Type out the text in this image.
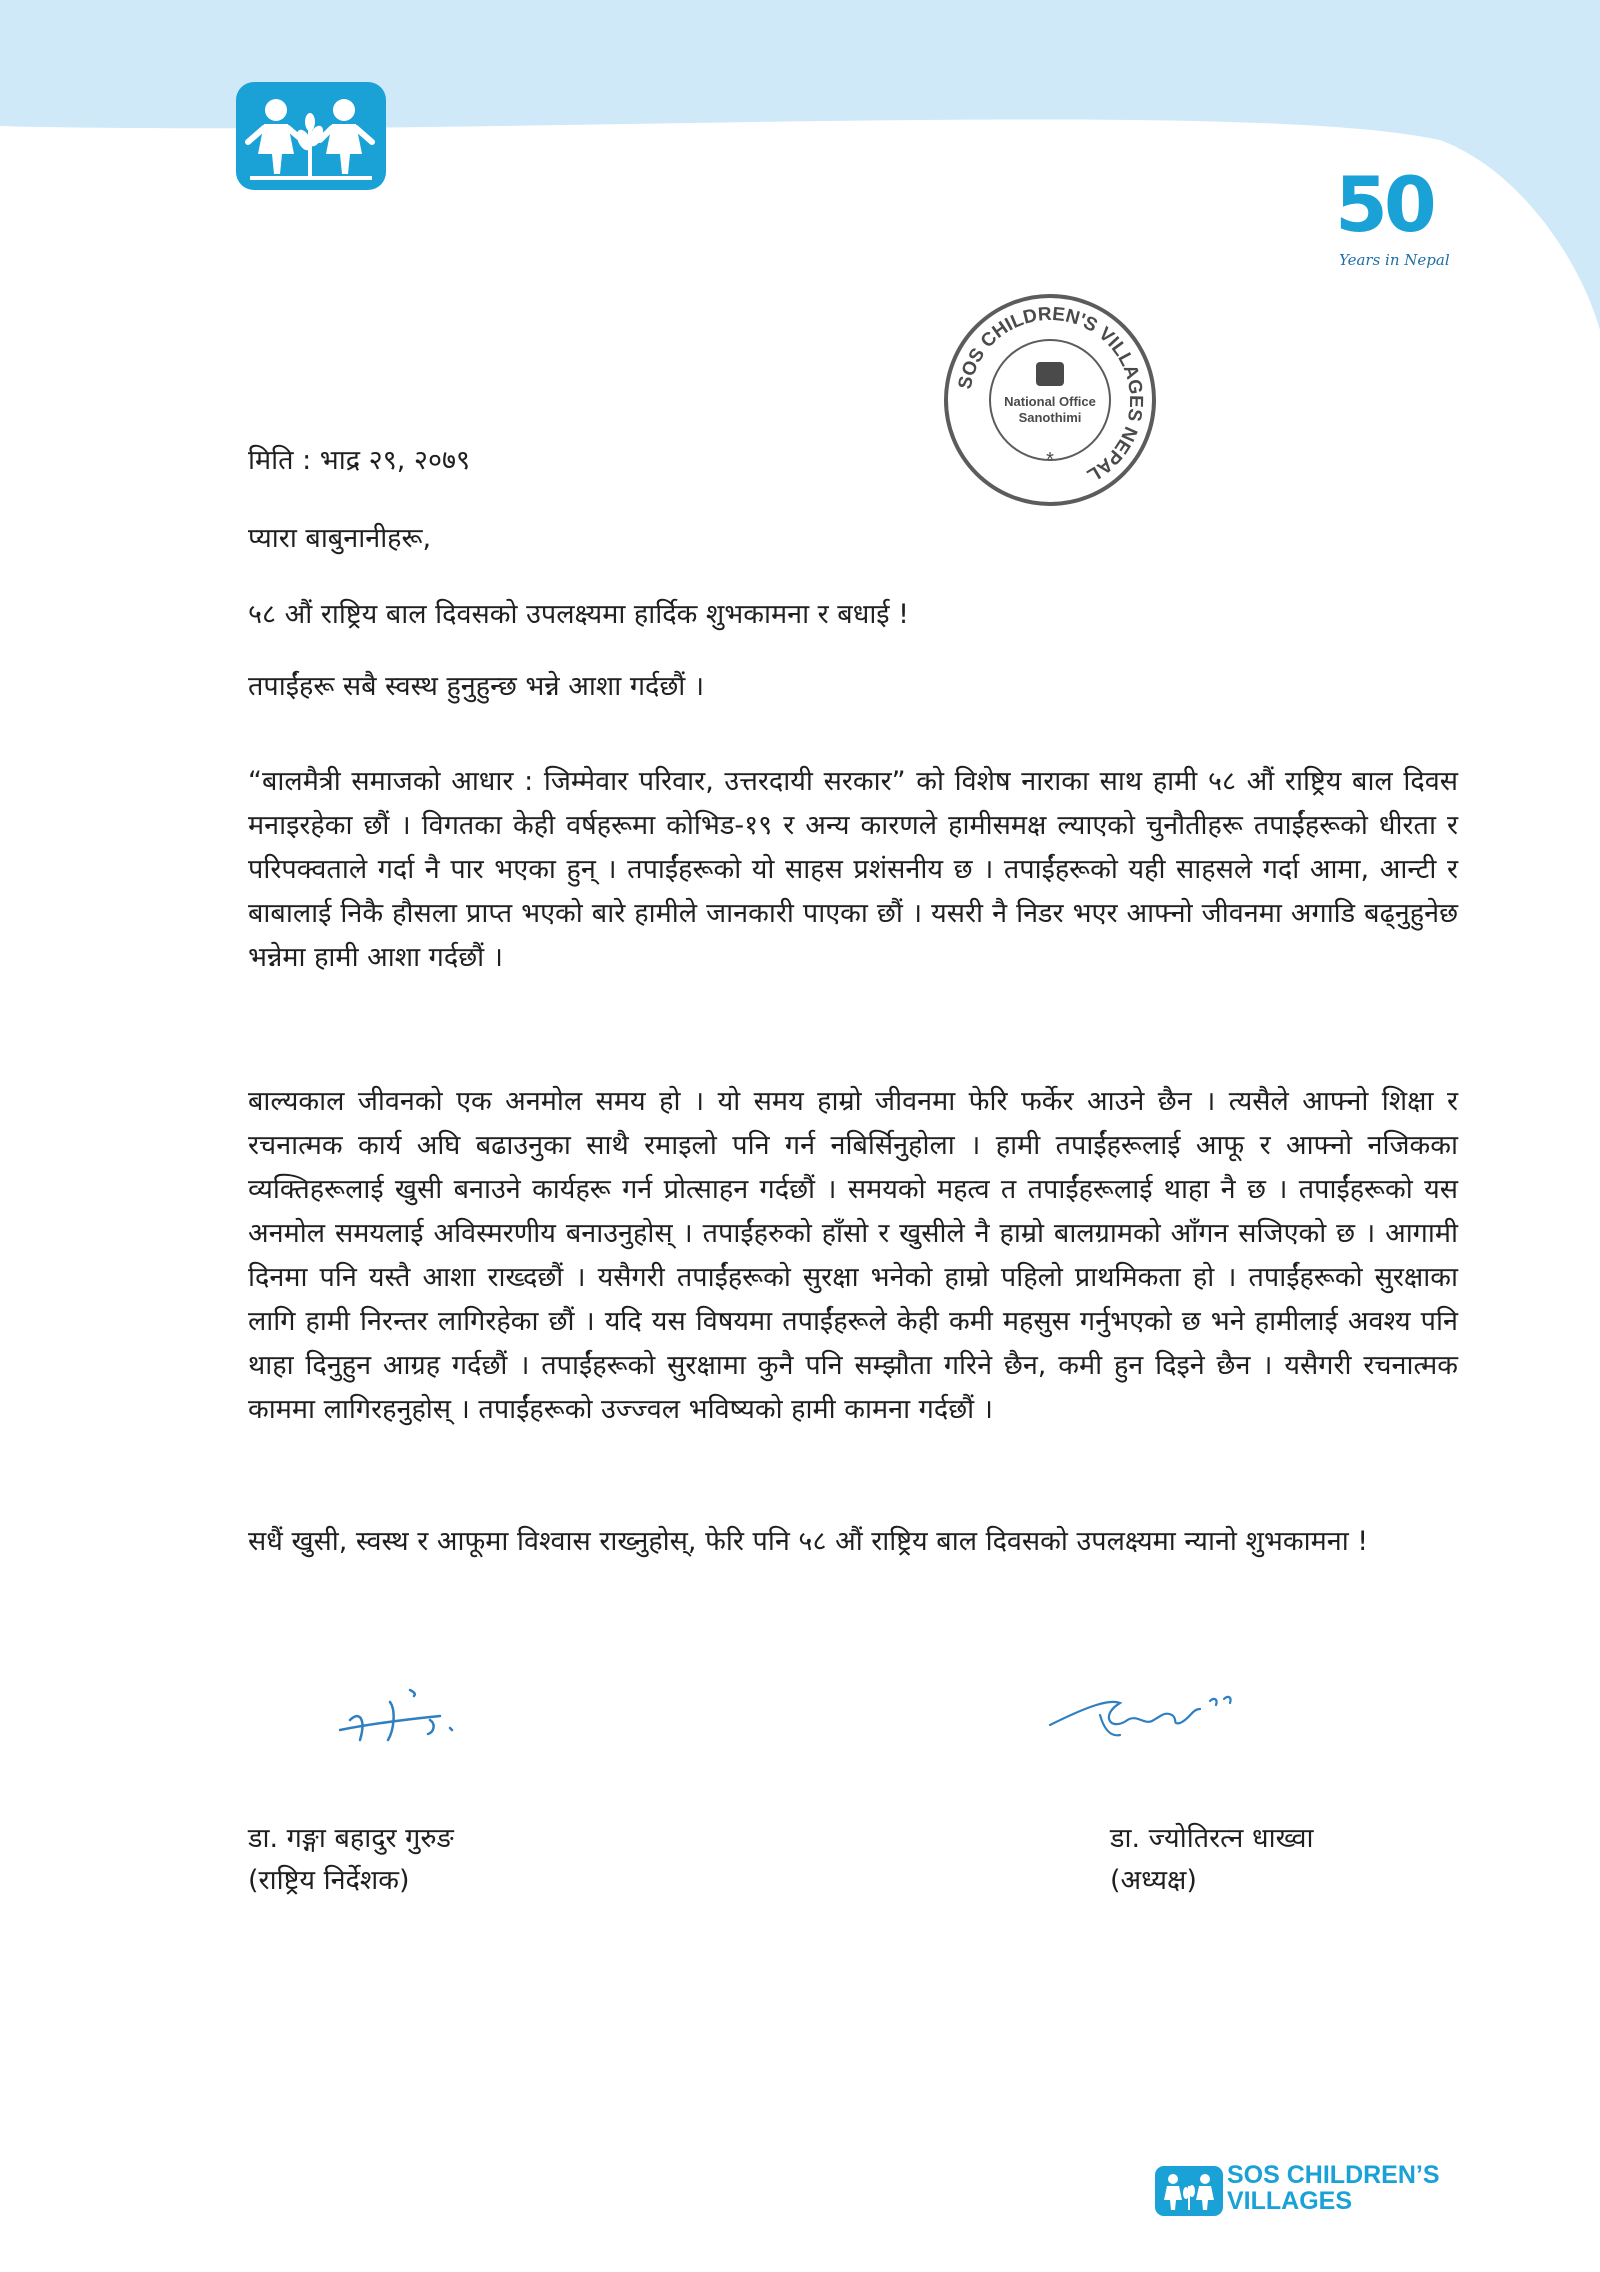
50
Years in Nepal
SOS CHILDREN'S VILLAGES NEPAL
National Office
Sanothimi
*
मिति : भाद्र २९, २०७९
प्यारा बाबुनानीहरू,
५८ औं राष्ट्रिय बाल दिवसको उपलक्ष्यमा हार्दिक शुभकामना र बधाई !
तपाईंहरू सबै स्वस्थ हुनुहुन्छ भन्ने आशा गर्दछौं ।

“बालमैत्री समाजको आधार : जिम्मेवार परिवार, उत्तरदायी सरकार” को विशेष नाराका साथ हामी ५८ औं राष्ट्रिय बाल दिवस मनाइरहेका छौं । विगतका केही वर्षहरूमा कोभिड-१९ र अन्य कारणले हामीसमक्ष ल्याएको चुनौतीहरू तपाईंहरूको धीरता र परिपक्वताले गर्दा नै पार भएका हुन् । तपाईंहरूको यो साहस प्रशंसनीय छ । तपाईंहरूको यही साहसले गर्दा आमा, आन्टी र बाबालाई निकै हौसला प्राप्त भएको बारे हामीले जानकारी पाएका छौं । यसरी नै निडर भएर आफ्नो जीवनमा अगाडि बढ्नुहुनेछ भन्नेमा हामी आशा गर्दछौं ।

बाल्यकाल जीवनको एक अनमोल समय हो । यो समय हाम्रो जीवनमा फेरि फर्केर आउने छैन । त्यसैले आफ्नो शिक्षा र रचनात्मक कार्य अघि बढाउनुका साथै रमाइलो पनि गर्न नबिर्सिनुहोला । हामी तपाईंहरूलाई आफू र आफ्नो नजिकका व्यक्तिहरूलाई खुसी बनाउने कार्यहरू गर्न प्रोत्साहन गर्दछौं । समयको महत्व त तपाईंहरूलाई थाहा नै छ । तपाईंहरूको यस अनमोल समयलाई अविस्मरणीय बनाउनुहोस् । तपाईंहरुको हाँसो र खुसीले नै हाम्रो बालग्रामको आँगन सजिएको छ । आगामी दिनमा पनि यस्तै आशा राख्दछौं । यसैगरी तपाईंहरूको सुरक्षा भनेको हाम्रो पहिलो प्राथमिकता हो । तपाईंहरूको सुरक्षाका लागि हामी निरन्तर लागिरहेका छौं । यदि यस विषयमा तपाईंहरूले केही कमी महसुस गर्नुभएको छ भने हामीलाई अवश्य पनि थाहा दिनुहुन आग्रह गर्दछौं । तपाईंहरूको सुरक्षामा कुनै पनि सम्झौता गरिने छैन, कमी हुन दिइने छैन । यसैगरी रचनात्मक काममा लागिरहनुहोस् । तपाईंहरूको उज्ज्वल भविष्यको हामी कामना गर्दछौं ।

सधैं खुसी, स्वस्थ र आफूमा विश्वास राख्नुहोस्, फेरि पनि ५८ औं राष्ट्रिय बाल दिवसको उपलक्ष्यमा न्यानो शुभकामना !

डा. गङ्गा बहादुर गुरुङ
(राष्ट्रिय निर्देशक)
डा. ज्योतिरत्न धाख्वा
(अध्यक्ष)
SOS CHILDREN’S
VILLAGES
